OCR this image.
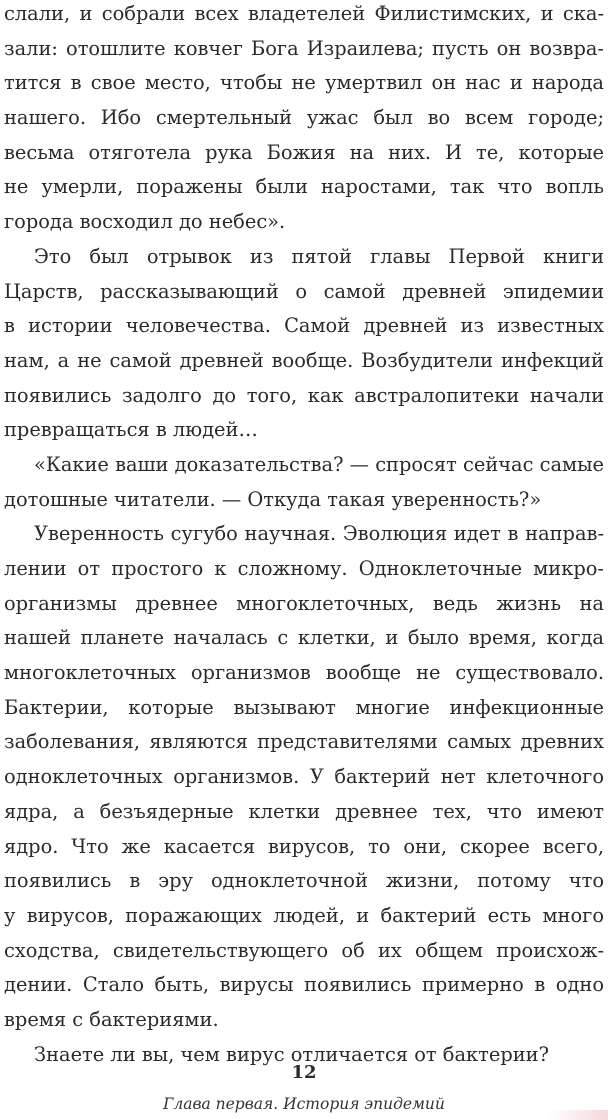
слали, и собрали всех владетелей Филистимских, и ска-
зали: отошлите ковчег Бога Израилева; пусть он возвра-
тится в свое место, чтобы не умертвил он нас и народа
нашего. Ибо смертельный ужас был во всем городе;
весьма отяготела рука Божия на них. И те, которые
не умерли, поражены были наростами, так что вопль
города восходил до небес».
Это был отрывок из пятой главы Первой книги
Царств, рассказывающий о самой древней эпидемии
в истории человечества. Самой древней из известных
нам, а не самой древней вообще. Возбудители инфекций
появились задолго до того, как австралопитеки начали
превращаться в людей…
«Какие ваши доказательства? — спросят сейчас самые
дотошные читатели. — Откуда такая уверенность?»
Уверенность сугубо научная. Эволюция идет в направ-
лении от простого к сложному. Одноклеточные микро-
организмы древнее многоклеточных, ведь жизнь на
нашей планете началась с клетки, и было время, когда
многоклеточных организмов вообще не существовало.
Бактерии, которые вызывают многие инфекционные
заболевания, являются представителями самых древних
одноклеточных организмов. У бактерий нет клеточного
ядра, а безъядерные клетки древнее тех, что имеют
ядро. Что же касается вирусов, то они, скорее всего,
появились в эру одноклеточной жизни, потому что
у вирусов, поражающих людей, и бактерий есть много
сходства, свидетельствующего об их общем происхож-
дении. Стало быть, вирусы появились примерно в одно
время с бактериями.
Знаете ли вы, чем вирус отличается от бактерии?
12
Глава первая. История эпидемий
